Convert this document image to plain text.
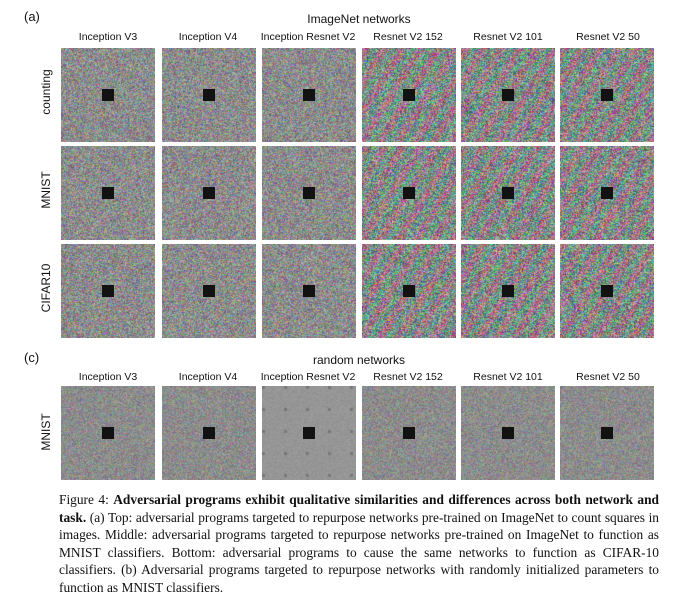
(a)	ImageNet networks
Inception V3	Inception V4	Inception Resnet V2	Resnet V2 152	Resnet V2 101	Resnet V2 50
counting
MNIST
CIFAR10
(c)	random networks
Inception V3	Inception V4	Inception Resnet V2	Resnet V2 152	Resnet V2 101	Resnet V2 50
MNIST
Figure 4: Adversarial programs exhibit qualitative similarities and differences across both network and task. (a) Top: adversarial programs targeted to repurpose networks pre-trained on ImageNet to count squares in images. Middle: adversarial programs targeted to repurpose networks pre-trained on ImageNet to function as MNIST classifiers. Bottom: adversarial programs to cause the same networks to function as CIFAR-10 classifiers. (b) Adversarial programs targeted to repurpose networks with randomly initialized parameters to function as MNIST classifiers.
